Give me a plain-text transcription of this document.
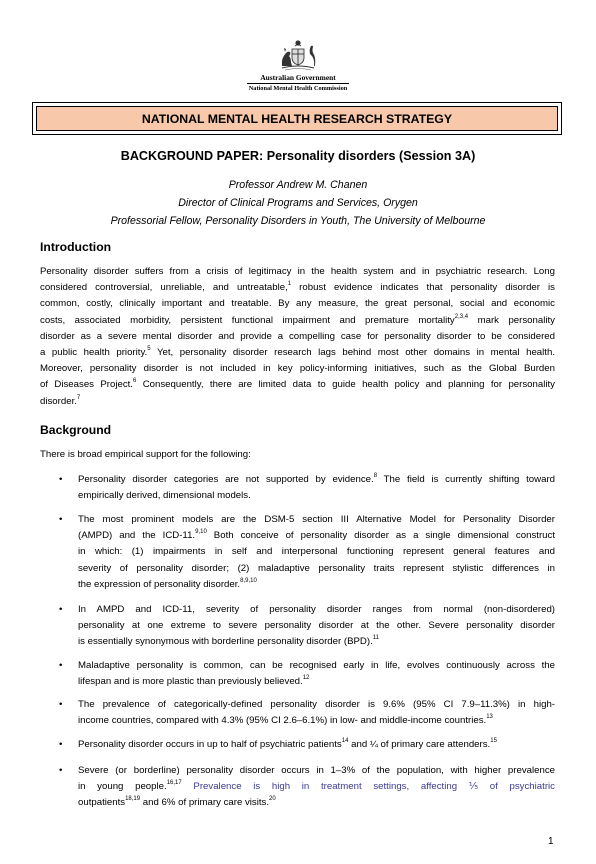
Australian Government
National Mental Health Commission
NATIONAL MENTAL HEALTH RESEARCH STRATEGY
BACKGROUND PAPER: Personality disorders (Session 3A)
Professor Andrew M. Chanen
Director of Clinical Programs and Services, Orygen
Professorial Fellow, Personality Disorders in Youth, The University of Melbourne
Introduction
Personality disorder suffers from a crisis of legitimacy in the health system and in psychiatric research. Long
considered controversial, unreliable, and untreatable,$^1$ robust evidence indicates that personality disorder is
common, costly, clinically important and treatable. By any measure, the great personal, social and economic
costs, associated morbidity, persistent functional impairment and premature mortality$^{2,3,4}$ mark personality
disorder as a severe mental disorder and provide a compelling case for personality disorder to be considered
a public health priority.$^5$ Yet, personality disorder research lags behind most other domains in mental health.
Moreover, personality disorder is not included in key policy-informing initiatives, such as the Global Burden
of Diseases Project.$^6$ Consequently, there are limited data to guide health policy and planning for personality
disorder.$^7$
Background
There is broad empirical support for the following:
• Personality disorder categories are not supported by evidence.$^8$ The field is currently shifting toward
empirically derived, dimensional models.
• The most prominent models are the DSM-5 section III Alternative Model for Personality Disorder
(AMPD) and the ICD-11.$^{9,10}$ Both conceive of personality disorder as a single dimensional construct
in which: (1) impairments in self and interpersonal functioning represent general features and
severity of personality disorder; (2) maladaptive personality traits represent stylistic differences in
the expression of personality disorder.$^{8,9,10}$
• In AMPD and ICD-11, severity of personality disorder ranges from normal (non-disordered)
personality at one extreme to severe personality disorder at the other. Severe personality disorder
is essentially synonymous with borderline personality disorder (BPD).$^{11}$
• Maladaptive personality is common, can be recognised early in life, evolves continuously across the
lifespan and is more plastic than previously believed.$^{12}$
• The prevalence of categorically-defined personality disorder is 9.6% (95% CI 7.9–11.3%) in high-
income countries, compared with 4.3% (95% CI 2.6–6.1%) in low- and middle-income countries.$^{13}$
• Personality disorder occurs in up to half of psychiatric patients$^{14}$ and ¼ of primary care attenders.$^{15}$
• Severe (or borderline) personality disorder occurs in 1–3% of the population, with higher prevalence
in young people.$^{16,17}$ Prevalence is high in treatment settings, affecting ⅕ of psychiatric
outpatients$^{18,19}$ and 6% of primary care visits.$^{20}$
1
